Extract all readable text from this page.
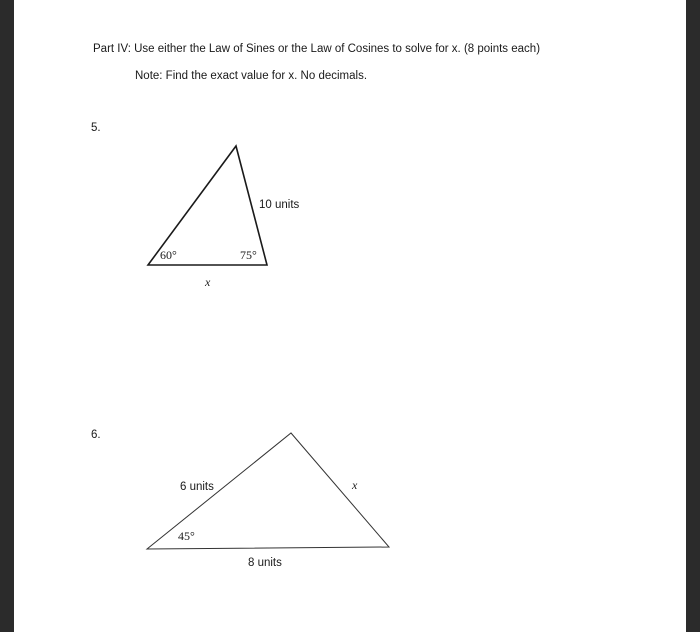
Part IV: Use either the Law of Sines or the Law of Cosines to solve for x. (8 points each)
Note: Find the exact value for x. No decimals.
5.
6.
10 units
60°	75°
x
6 units	x
45°
8 units
